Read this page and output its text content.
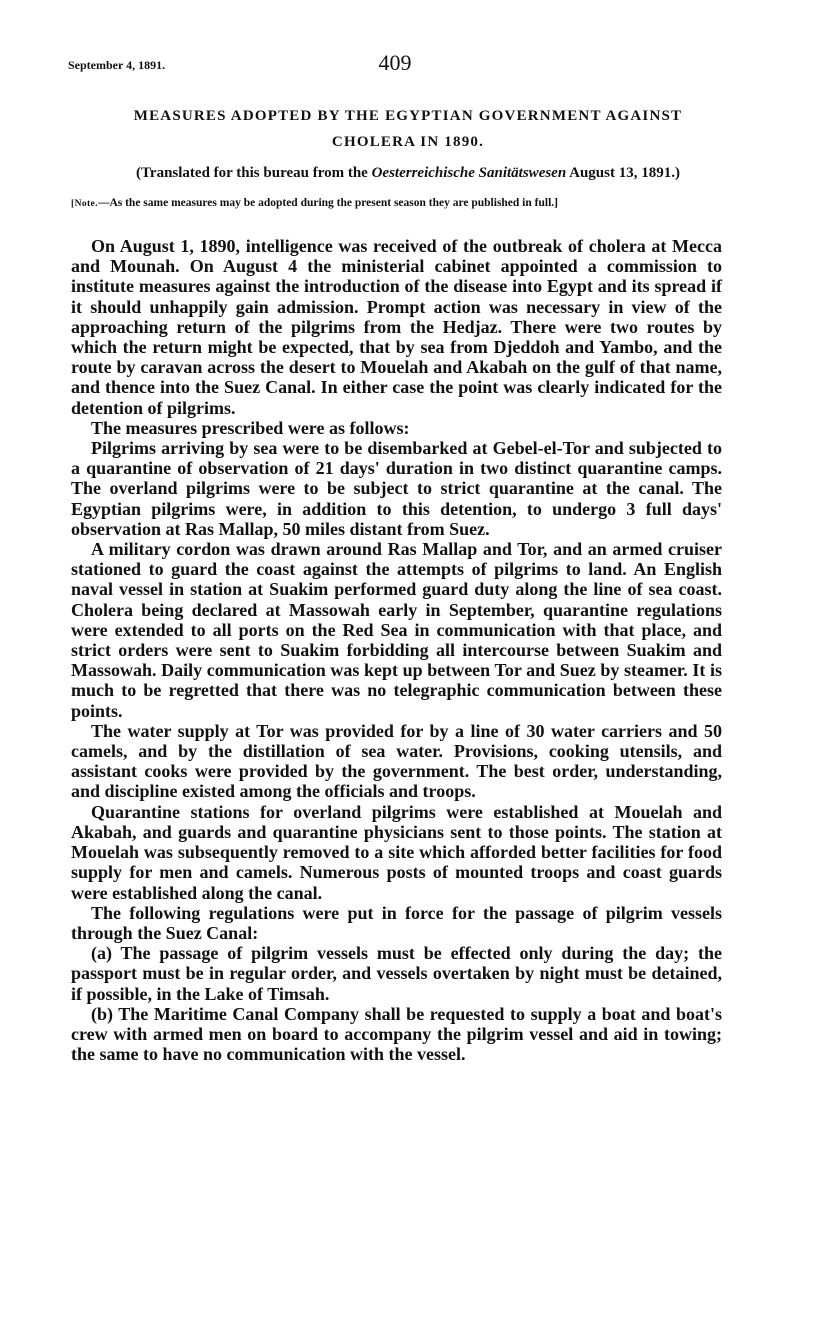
September 4, 1891.	409
MEASURES ADOPTED BY THE EGYPTIAN GOVERNMENT AGAINST
CHOLERA IN 1890.
(Translated for this bureau from the Oesterreichische Sanitätswesen August 13, 1891.)
[Note.—As the same measures may be adopted during the present season they are published in full.]

On August 1, 1890, intelligence was received of the outbreak of cholera at Mecca and Mounah. On August 4 the ministerial cabinet appointed a commission to institute measures against the introduction of the disease into Egypt and its spread if it should unhappily gain admission. Prompt action was necessary in view of the approaching return of the pilgrims from the Hedjaz. There were two routes by which the return might be expected, that by sea from Djeddoh and Yambo, and the route by caravan across the desert to Mouelah and Akabah on the gulf of that name, and thence into the Suez Canal. In either case the point was clearly indicated for the detention of pilgrims.

The measures prescribed were as follows:

Pilgrims arriving by sea were to be disembarked at Gebel-el-Tor and subjected to a quarantine of observation of 21 days' duration in two distinct quarantine camps. The overland pilgrims were to be subject to strict quarantine at the canal. The Egyptian pilgrims were, in addition to this detention, to undergo 3 full days' observation at Ras Mallap, 50 miles distant from Suez.

A military cordon was drawn around Ras Mallap and Tor, and an armed cruiser stationed to guard the coast against the attempts of pilgrims to land. An English naval vessel in station at Suakim performed guard duty along the line of sea coast. Cholera being declared at Massowah early in September, quarantine regulations were extended to all ports on the Red Sea in communication with that place, and strict orders were sent to Suakim forbidding all intercourse between Suakim and Massowah. Daily communication was kept up between Tor and Suez by steamer. It is much to be regretted that there was no telegraphic communication between these points.

The water supply at Tor was provided for by a line of 30 water carriers and 50 camels, and by the distillation of sea water. Provisions, cooking utensils, and assistant cooks were provided by the government. The best order, understanding, and discipline existed among the officials and troops.

Quarantine stations for overland pilgrims were established at Mouelah and Akabah, and guards and quarantine physicians sent to those points. The station at Mouelah was subsequently removed to a site which afforded better facilities for food supply for men and camels. Numerous posts of mounted troops and coast guards were established along the canal.

The following regulations were put in force for the passage of pilgrim vessels through the Suez Canal:

(a) The passage of pilgrim vessels must be effected only during the day; the passport must be in regular order, and vessels overtaken by night must be detained, if possible, in the Lake of Timsah.

(b) The Maritime Canal Company shall be requested to supply a boat and boat's crew with armed men on board to accompany the pilgrim vessel and aid in towing; the same to have no communication with the vessel.
